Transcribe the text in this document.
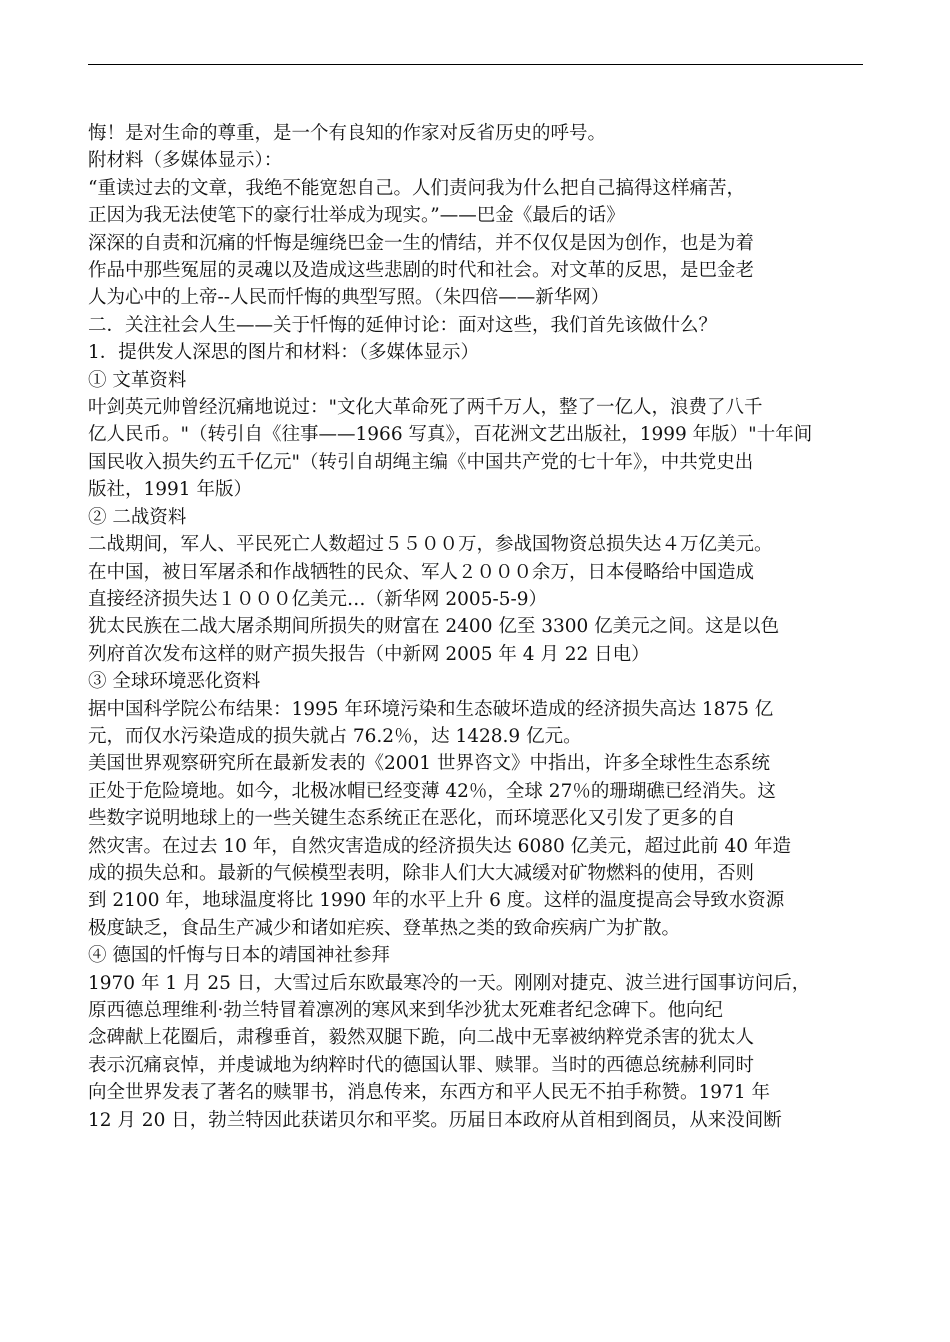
悔！是对生命的尊重，是一个有良知的作家对反省历史的呼号。
附材料（多媒体显示）：
“重读过去的文章，我绝不能宽恕自己。人们责问我为什么把自己搞得这样痛苦，
正因为我无法使笔下的豪行壮举成为现实。”——巴金《最后的话》
深深的自责和沉痛的忏悔是缠绕巴金一生的情结，并不仅仅是因为创作，也是为着
作品中那些冤屈的灵魂以及造成这些悲剧的时代和社会。对文革的反思，是巴金老
人为心中的上帝--人民而忏悔的典型写照。（朱四倍——新华网）
二．关注社会人生——关于忏悔的延伸讨论：面对这些，我们首先该做什么？
1．提供发人深思的图片和材料：（多媒体显示）
① 文革资料
叶剑英元帅曾经沉痛地说过："文化大革命死了两千万人，整了一亿人，浪费了八千
亿人民币。"（转引自《往事——1966 写真》，百花洲文艺出版社，1999 年版）"十年间
国民收入损失约五千亿元"（转引自胡绳主编《中国共产党的七十年》，中共党史出
版社，1991 年版）
② 二战资料
二战期间，军人、平民死亡人数超过５５００万，参战国物资总损失达４万亿美元。
在中国，被日军屠杀和作战牺牲的民众、军人２０００余万，日本侵略给中国造成
直接经济损失达１０００亿美元…（新华网 2005-5-9）
犹太民族在二战大屠杀期间所损失的财富在 2400 亿至 3300 亿美元之间。这是以色
列府首次发布这样的财产损失报告（中新网 2005 年 4 月 22 日电）
③ 全球环境恶化资料
据中国科学院公布结果：1995 年环境污染和生态破坏造成的经济损失高达 1875 亿
元，而仅水污染造成的损失就占 76.2％，达 1428.9 亿元。
美国世界观察研究所在最新发表的《2001 世界咨文》中指出，许多全球性生态系统
正处于危险境地。如今，北极冰帽已经变薄 42％，全球 27％的珊瑚礁已经消失。这
些数字说明地球上的一些关键生态系统正在恶化，而环境恶化又引发了更多的自
然灾害。在过去 10 年，自然灾害造成的经济损失达 6080 亿美元，超过此前 40 年造
成的损失总和。最新的气候模型表明，除非人们大大减缓对矿物燃料的使用，否则
到 2100 年，地球温度将比 1990 年的水平上升 6 度。这样的温度提高会导致水资源
极度缺乏，食品生产减少和诸如疟疾、登革热之类的致命疾病广为扩散。
④ 德国的忏悔与日本的靖国神社参拜
1970 年 1 月 25 日，大雪过后东欧最寒冷的一天。刚刚对捷克、波兰进行国事访问后，
原西德总理维利·勃兰特冒着凛冽的寒风来到华沙犹太死难者纪念碑下。他向纪
念碑献上花圈后，肃穆垂首，毅然双腿下跪，向二战中无辜被纳粹党杀害的犹太人
表示沉痛哀悼，并虔诚地为纳粹时代的德国认罪、赎罪。当时的西德总统赫利同时
向全世界发表了著名的赎罪书，消息传来，东西方和平人民无不拍手称赞。1971 年
12 月 20 日，勃兰特因此获诺贝尔和平奖。历届日本政府从首相到阁员，从来没间断
